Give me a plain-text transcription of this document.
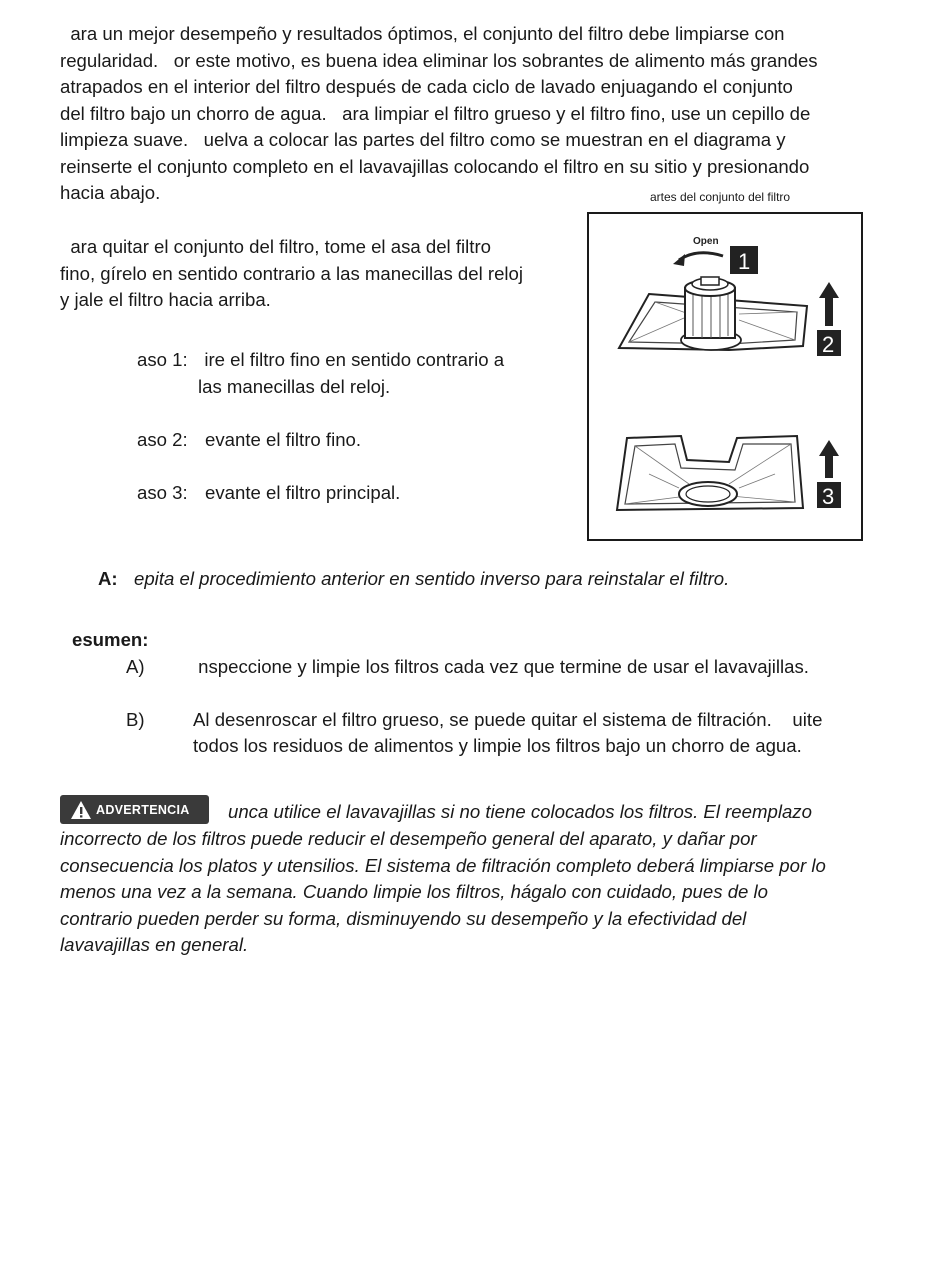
ara un mejor desempeño y resultados óptimos, el conjunto del filtro debe limpiarse con
regularidad.   or este motivo, es buena idea eliminar los sobrantes de alimento más grandes
atrapados en el interior del filtro después de cada ciclo de lavado enjuagando el conjunto
del filtro bajo un chorro de agua.   ara limpiar el filtro grueso y el filtro fino, use un cepillo de
limpieza suave.   uelva a colocar las partes del filtro como se muestran en el diagrama y
reinserte el conjunto completo en el lavavajillas colocando el filtro en su sitio y presionando
hacia abajo.	artes del conjunto del filtro
Open
1
2
3
ara quitar el conjunto del filtro, tome el asa del filtro
fino, gírelo en sentido contrario a las manecillas del reloj
y jale el filtro hacia arriba.
aso 1: ire el filtro fino en sentido contrario a
las manecillas del reloj.
aso 2: evante el filtro fino.
aso 3: evante el filtro principal.
A: epita el procedimiento anterior en sentido inverso para reinstalar el filtro.
esumen:
A)	nspeccione y limpie los filtros cada vez que termine de usar el lavavajillas.
B)	Al desenroscar el filtro grueso, se puede quitar el sistema de filtración.    uite
todos los residuos de alimentos y limpie los filtros bajo un chorro de agua.
ADVERTENCIA unca utilice el lavavajillas si no tiene colocados los filtros. El reemplazo
incorrecto de los filtros puede reducir el desempeño general del aparato, y dañar por
consecuencia los platos y utensilios. El sistema de filtración completo deberá limpiarse por lo
menos una vez a la semana. Cuando limpie los filtros, hágalo con cuidado, pues de lo
contrario pueden perder su forma, disminuyendo su desempeño y la efectividad del
lavavajillas en general.
